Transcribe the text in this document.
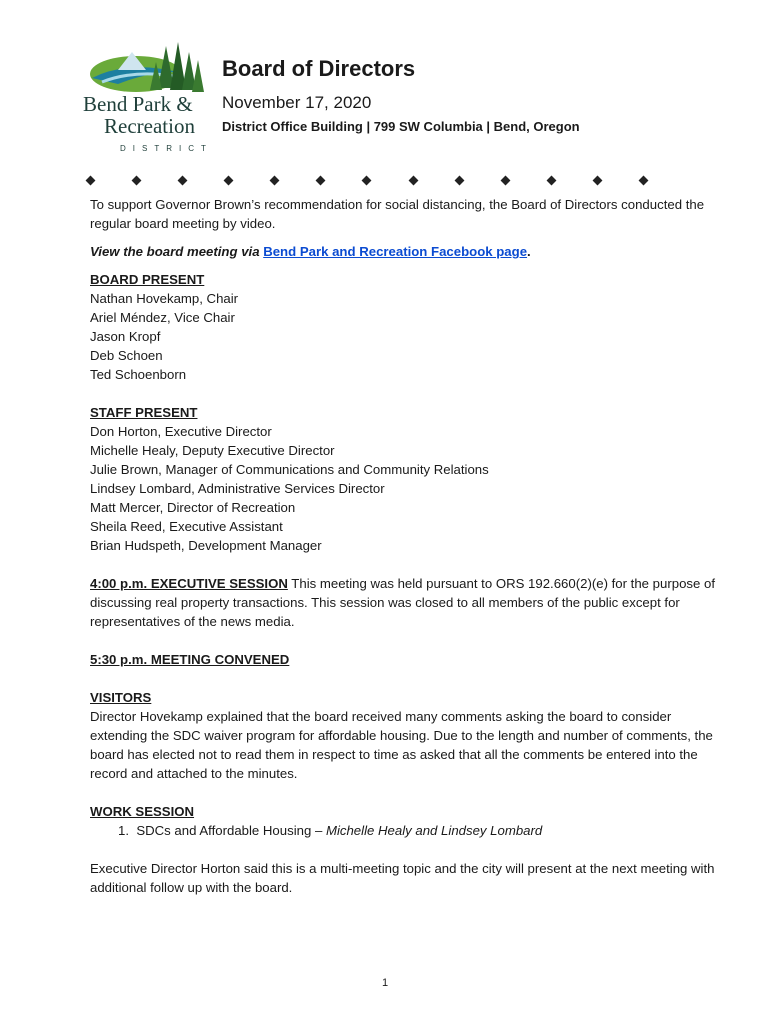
Bend Park &
Recreation
DISTRICT
Board of Directors
November 17, 2020
District Office Building | 799 SW Columbia | Bend, Oregon

To support Governor Brown’s recommendation for social distancing, the Board of Directors conducted the regular board meeting by video.

View the board meeting via Bend Park and Recreation Facebook page.

BOARD PRESENT

Nathan Hovekamp, Chair

Ariel Méndez, Vice Chair

Jason Kropf

Deb Schoen

Ted Schoenborn

STAFF PRESENT

Don Horton, Executive Director

Michelle Healy, Deputy Executive Director

Julie Brown, Manager of Communications and Community Relations

Lindsey Lombard, Administrative Services Director

Matt Mercer, Director of Recreation

Sheila Reed, Executive Assistant

Brian Hudspeth, Development Manager

4:00 p.m. EXECUTIVE SESSION This meeting was held pursuant to ORS 192.660(2)(e) for the purpose of discussing real property transactions. This session was closed to all members of the public except for representatives of the news media.

5:30 p.m. MEETING CONVENED

VISITORS

Director Hovekamp explained that the board received many comments asking the board to consider extending the SDC waiver program for affordable housing. Due to the length and number of comments, the board has elected not to read them in respect to time as asked that all the comments be entered into the record and attached to the minutes.

WORK SESSION

1. SDCs and Affordable Housing – Michelle Healy and Lindsey Lombard

Executive Director Horton said this is a multi-meeting topic and the city will present at the next meeting with additional follow up with the board.

1
